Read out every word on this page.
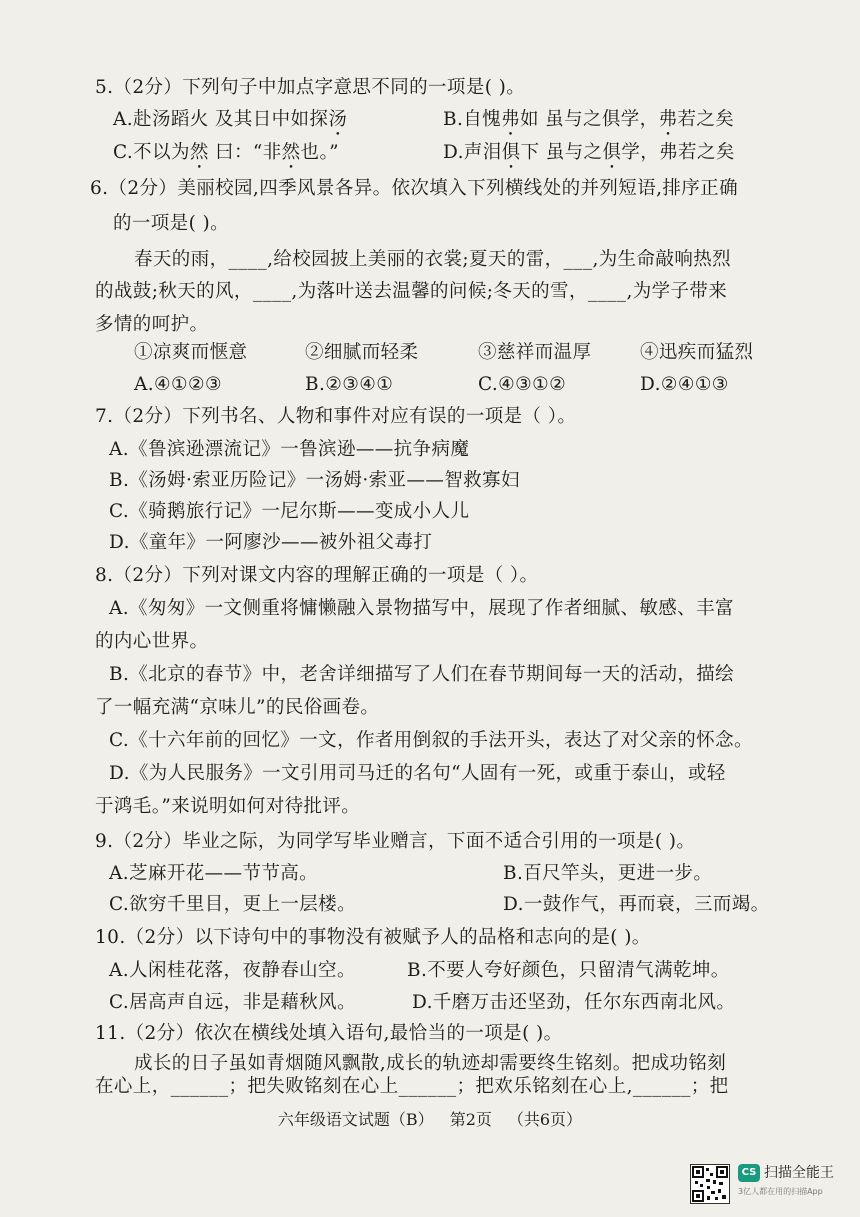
5.（2分）下列句子中加点字意思不同的一项是( )。
A.赴汤蹈火 及其日中如探汤	B.自愧弗如 虽与之俱学，弗若之矣
C.不以为然 曰：“非然也。”	D.声泪俱下 虽与之俱学，弗若之矣
6.（2分）美丽校园,四季风景各异。依次填入下列横线处的并列短语,排序正确
的一项是( )。
春天的雨，____,给校园披上美丽的衣裳;夏天的雷，___,为生命敲响热烈
的战鼓;秋天的风，____,为落叶送去温馨的问候;冬天的雪，____,为学子带来
多情的呵护。
①凉爽而惬意	②细腻而轻柔	③慈祥而温厚	④迅疾而猛烈
A.④①②③	B.②③④①	C.④③①②	D.②④①③
7.（2分）下列书名、人物和事件对应有误的一项是（ ）。
A.《鲁滨逊漂流记》一鲁滨逊——抗争病魔
B.《汤姆·索亚历险记》一汤姆·索亚——智救寡妇
C.《骑鹅旅行记》一尼尔斯——变成小人儿
D.《童年》一阿廖沙——被外祖父毒打
8.（2分）下列对课文内容的理解正确的一项是（ ）。
A.《匆匆》一文侧重将慵懒融入景物描写中，展现了作者细腻、敏感、丰富
的内心世界。
B.《北京的春节》中，老舍详细描写了人们在春节期间每一天的活动，描绘
了一幅充满“京味儿”的民俗画卷。
C.《十六年前的回忆》一文，作者用倒叙的手法开头，表达了对父亲的怀念。
D.《为人民服务》一文引用司马迁的名句“人固有一死，或重于泰山，或轻
于鸿毛。”来说明如何对待批评。
9.（2分）毕业之际，为同学写毕业赠言，下面不适合引用的一项是( )。
A.芝麻开花——节节高。	B.百尺竿头，更进一步。
C.欲穷千里目，更上一层楼。	D.一鼓作气，再而衰，三而竭。
10.（2分）以下诗句中的事物没有被赋予人的品格和志向的是( )。
A.人闲桂花落，夜静春山空。	B.不要人夸好颜色，只留清气满乾坤。
C.居高声自远，非是藉秋风。	D.千磨万击还坚劲，任尔东西南北风。
11.（2分）依次在横线处填入语句,最恰当的一项是( )。
成长的日子虽如青烟随风飘散,成长的轨迹却需要终生铭刻。把成功铭刻
在心上，______；把失败铭刻在心上______；把欢乐铭刻在心上,______；把
六年级语文试题（B） 第2页 （共6页）
CS 扫描全能王
3亿人都在用的扫描App
